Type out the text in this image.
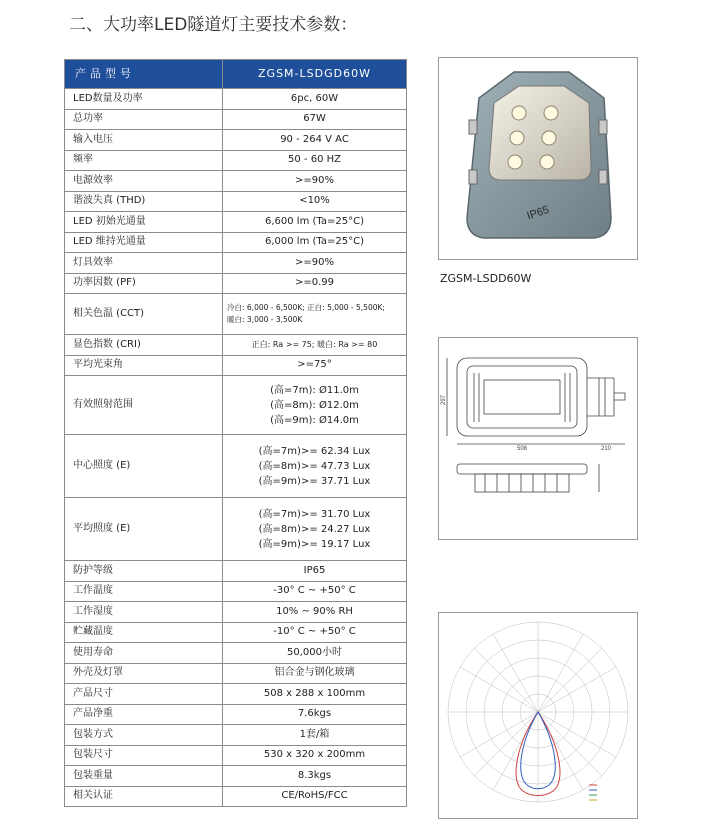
二、大功率LED隧道灯主要技术参数：
产品型号	ZGSM-LSDGD60W
LED数量及功率	6pc, 60W
总功率	67W
输入电压	90 - 264 V AC
频率	50 - 60 HZ
电源效率	>=90%
谐波失真 (THD)	<10%
LED 初始光通量	6,600 lm (Ta=25°C)
LED 维持光通量	6,000 lm (Ta=25°C)
灯具效率	>=90%
功率因数 (PF)	>=0.99
相关色温 (CCT)	冷白: 6,000 - 6,500K; 正白: 5,000 - 5,500K;
暖白: 3,000 - 3,500K

显色指数 (CRI)	正白: Ra >= 75; 暖白: Ra >= 80
平均光束角	>=75°
有效照射范围	(高=7m): Ø11.0m
(高=8m): Ø12.0m
(高=9m): Ø14.0m

中心照度 (E)	(高=7m)>= 62.34 Lux
(高=8m)>= 47.73 Lux
(高=9m)>= 37.71 Lux

平均照度 (E)	(高=7m)>= 31.70 Lux
(高=8m)>= 24.27 Lux
(高=9m)>= 19.17 Lux

防护等级	IP65
工作温度	-30° C ~ +50° C
工作湿度	10% ~ 90% RH
贮藏温度	-10° C ~ +50° C
使用寿命	50,000小时
外壳及灯罩	铝合金与钢化玻璃
产品尺寸	508 x 288 x 100mm
产品净重	7.6kgs
包装方式	1套/箱
包装尺寸	530 x 320 x 200mm
包装重量	8.3kgs
相关认证	CE/RoHS/FCC
IP65
ZGSM-LSDD60W
508	210
297
